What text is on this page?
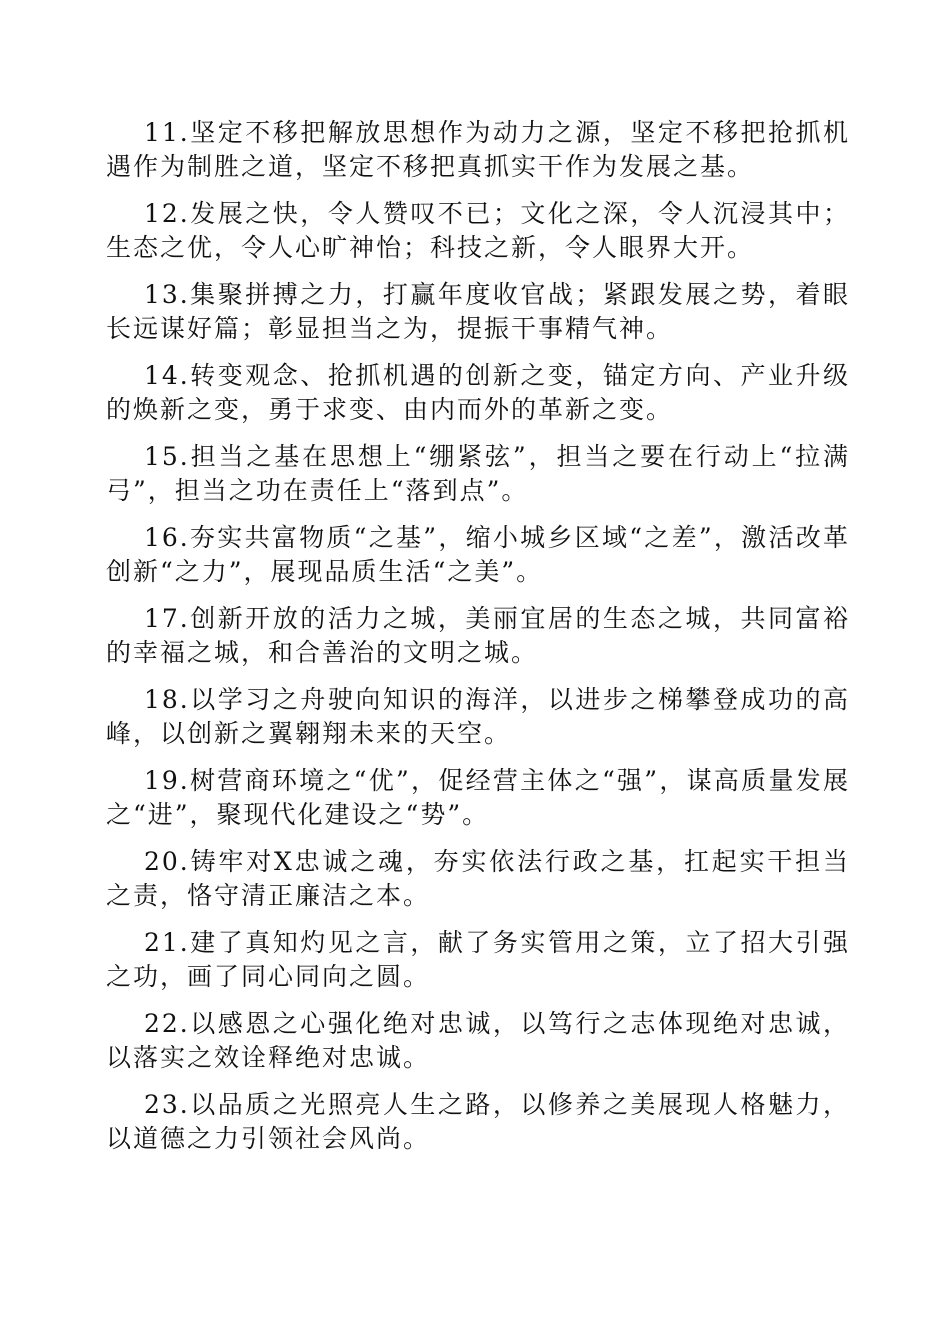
11.坚定不移把解放思想作为动力之源，坚定不移把抢抓机遇作为制胜之道，坚定不移把真抓实干作为发展之基。

12.发展之快，令人赞叹不已；文化之深，令人沉浸其中；生态之优，令人心旷神怡；科技之新，令人眼界大开。

13.集聚拼搏之力，打赢年度收官战；紧跟发展之势，着眼长远谋好篇；彰显担当之为，提振干事精气神。

14.转变观念、抢抓机遇的创新之变，锚定方向、产业升级的焕新之变，勇于求变、由内而外的革新之变。

15.担当之基在思想上“绷紧弦”，担当之要在行动上“拉满弓”，担当之功在责任上“落到点”。

16.夯实共富物质“之基”，缩小城乡区域“之差”，激活改革创新“之力”，展现品质生活“之美”。

17.创新开放的活力之城，美丽宜居的生态之城，共同富裕的幸福之城，和合善治的文明之城。

18.以学习之舟驶向知识的海洋，以进步之梯攀登成功的高峰，以创新之翼翱翔未来的天空。

19.树营商环境之“优”，促经营主体之“强”，谋高质量发展之“进”，聚现代化建设之“势”。

20.铸牢对X忠诚之魂，夯实依法行政之基，扛起实干担当之责，恪守清正廉洁之本。

21.建了真知灼见之言，献了务实管用之策，立了招大引强之功，画了同心同向之圆。

22.以感恩之心强化绝对忠诚，以笃行之志体现绝对忠诚，以落实之效诠释绝对忠诚。

23.以品质之光照亮人生之路，以修养之美展现人格魅力，以道德之力引领社会风尚。
